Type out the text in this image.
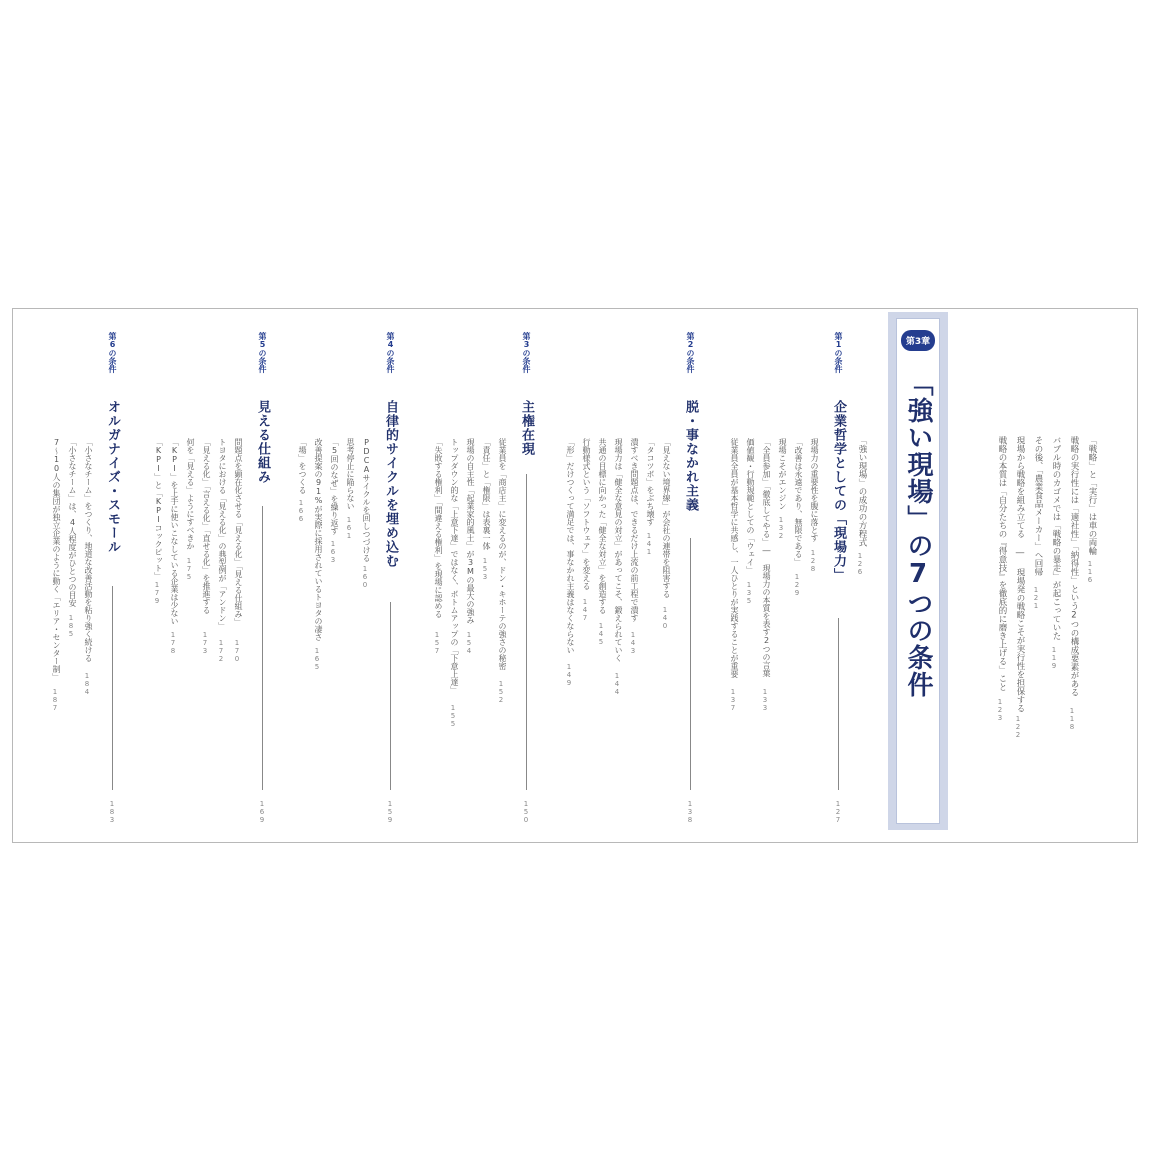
第3章
「強い現場」の7つの条件	「戦略」と「実行」は車の両輪
116
戦略の実行性には「適社性」「納得性」という2つの構成要素がある
118
バブル時のカゴメでは「戦略の暴走」が起こっていた
119
その後、「農業食品メーカー」へ回帰
121
現場から戦略を組み立てる ― 現場発の戦略こそが実行性を担保する
122
戦略の本質は「自分たちの『得意技』を徹底的に磨き上げる」こと
123
「強い現場」の成功の方程式
126
第1の条件
企業哲学としての「現場力」
127
現場力の重要性を腹に落とす
128
「改善は永遠であり、無限である」
129
現場こそがエンジン
132
「全員参加」「徹底してやる」― 現場力の本質を表す2つの言葉
133
価値観・行動規範としての「ウェイ」
135
従業員全員が基本哲学に共感し、一人ひとりが実践することが重要
137
第2の条件
脱・事なかれ主義
138
「見えない境界線」が会社の連帯を阻害する
140
「タコツボ」をぶち壊す
141
潰すべき問題点は、できるだけ上流の前工程で潰す
143
現場力は「健全な意見の対立」があってこそ、鍛えられていく
144
共通の目標に向かった「健全な対立」を創造する
145
行動様式という「ソフトウェア」を変える
147
「形」だけつくって満足では、事なかれ主義はなくならない
149
第3の条件
主権在現
150
従業員を「商店主」に変えるのが、ドン・キホーテの強さの秘密
152
「責任」と「権限」は表裏一体
153
現場の自主性「起業家的風土」が3Mの最大の強み
154
トップダウン的な「上意下達」ではなく、ボトムアップの「下意上達」
155
「失敗する権利」「間違える権利」を現場に認める
157
第4の条件
自律的サイクルを埋め込む
159
PDCAサイクルを回しつづける
160
思考停止に陥らない
161
「5回のなぜ」を繰り返す
163
改善提案の91%が実際に採用されているトヨタの凄さ
165
「場」をつくる
166
第5の条件
見える仕組み
169
問題点を顕在化させる「見える化」「見える仕組み」
170
トヨタにおける「見える化」の典型例が「アンドン」
172
「見える化」「言える化」「直せる化」を推進する
173
何を「見える」ようにすべきか
175
「KPI」を上手に使いこなしている企業は少ない
178
「KPI」と「KPIコックピット」
179
第6の条件
オルガナイズ・スモール
183
「小さなチーム」をつくり、地道な改善活動を粘り強く続ける
184
「小さなチーム」は、4人程度がひとつの目安
185
7〜10人の集団が独立企業のように動く「エリア・センター制」
187
